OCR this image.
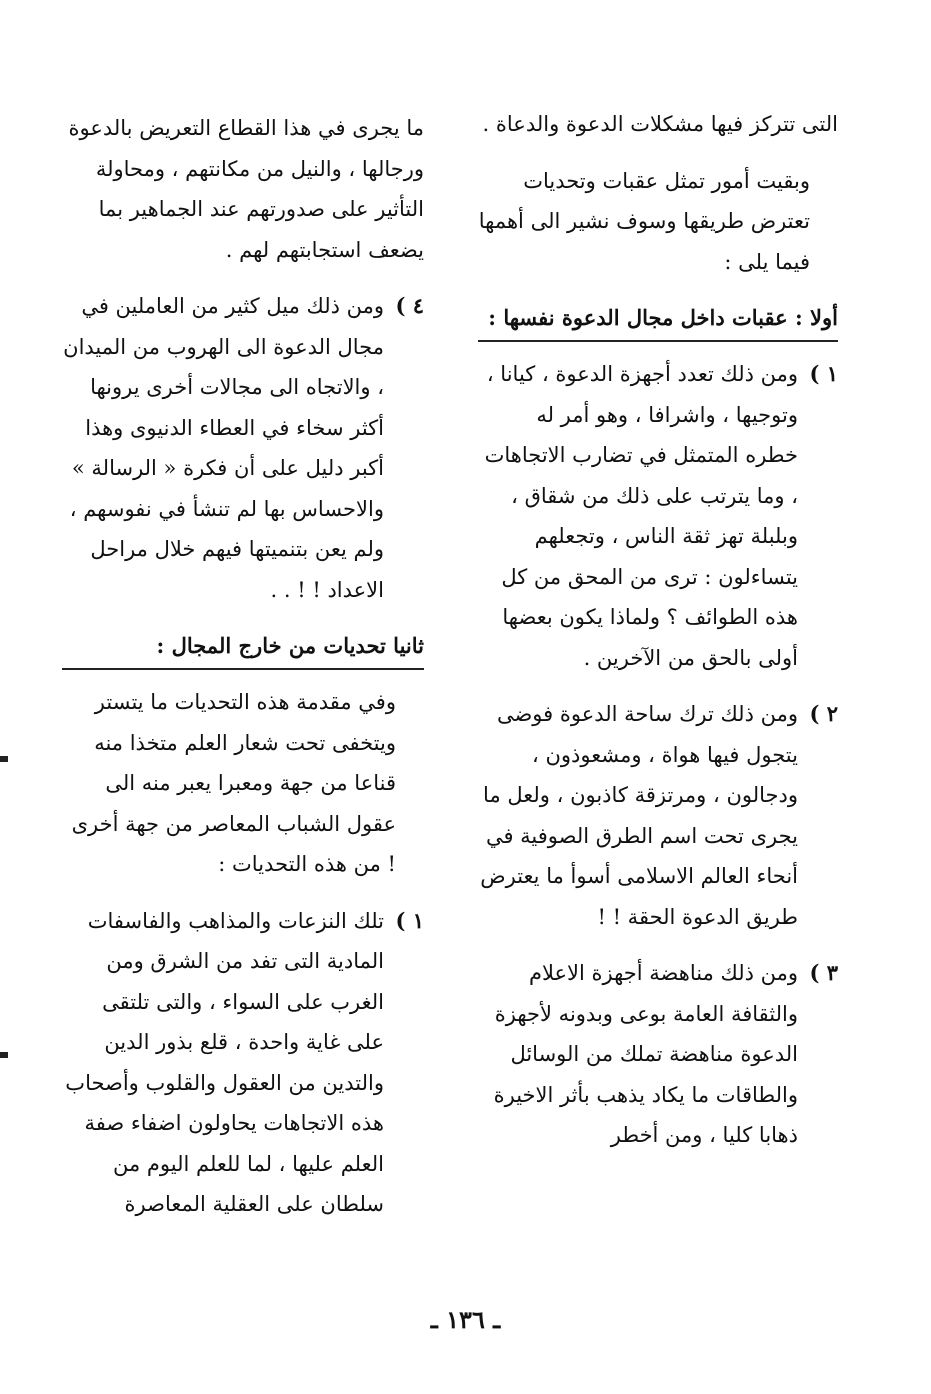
التى تتركز فيها مشكلات الدعوة والدعاة .

وبقيت أمور تمثل عقبات وتحديات تعترض طريقها وسوف نشير الى أهمها فيما يلى :

أولا : عقبات داخل مجال الدعوة نفسها :
١ )
ومن ذلك تعدد أجهزة الدعوة ، كيانا ، وتوجيها ، واشرافا ، وهو أمر له خطره المتمثل في تضارب الاتجاهات ، وما يترتب على ذلك من شقاق ، وبلبلة تهز ثقة الناس ، وتجعلهم يتساءلون : ترى من المحق من كل هذه الطوائف ؟ ولماذا يكون بعضها أولى بالحق من الآخرين .
٢ )
ومن ذلك ترك ساحة الدعوة فوضى يتجول فيها هواة ، ومشعوذون ، ودجالون ، ومرتزقة كاذبون ، ولعل ما يجرى تحت اسم الطرق الصوفية في أنحاء العالم الاسلامى أسوأ ما يعترض طريق الدعوة الحقة ! !
٣ )
ومن ذلك مناهضة أجهزة الاعلام والثقافة العامة بوعى وبدونه لأجهزة الدعوة مناهضة تملك من الوسائل والطاقات ما يكاد يذهب بأثر الاخيرة ذهابا كليا ، ومن أخطر

ما يجرى في هذا القطاع التعريض بالدعوة ورجالها ، والنيل من مكانتهم ، ومحاولة التأثير على صدورتهم عند الجماهير بما يضعف استجابتهم لهم .

٤ )
ومن ذلك ميل كثير من العاملين في مجال الدعوة الى الهروب من الميدان ، والاتجاه الى مجالات أخرى يرونها أكثر سخاء في العطاء الدنيوى وهذا أكبر دليل على أن فكرة « الرسالة » والاحساس بها لم تنشأ في نفوسهم ، ولم يعن بتنميتها فيهم خلال مراحل الاعداد ! ! . .
ثانيا تحديات من خارج المجال :

وفي مقدمة هذه التحديات ما يتستر ويتخفى تحت شعار العلم متخذا منه قناعا من جهة ومعبرا يعبر منه الى عقول الشباب المعاصر من جهة أخرى ! من هذه التحديات :

١ )
تلك النزعات والمذاهب والفاسفات المادية التى تفد من الشرق ومن الغرب على السواء ، والتى تلتقى على غاية واحدة ، قلع بذور الدين والتدين من العقول والقلوب وأصحاب هذه الاتجاهات يحاولون اضفاء صفة العلم عليها ، لما للعلم اليوم من سلطان على العقلية المعاصرة
ـ ١٣٦ ـ
